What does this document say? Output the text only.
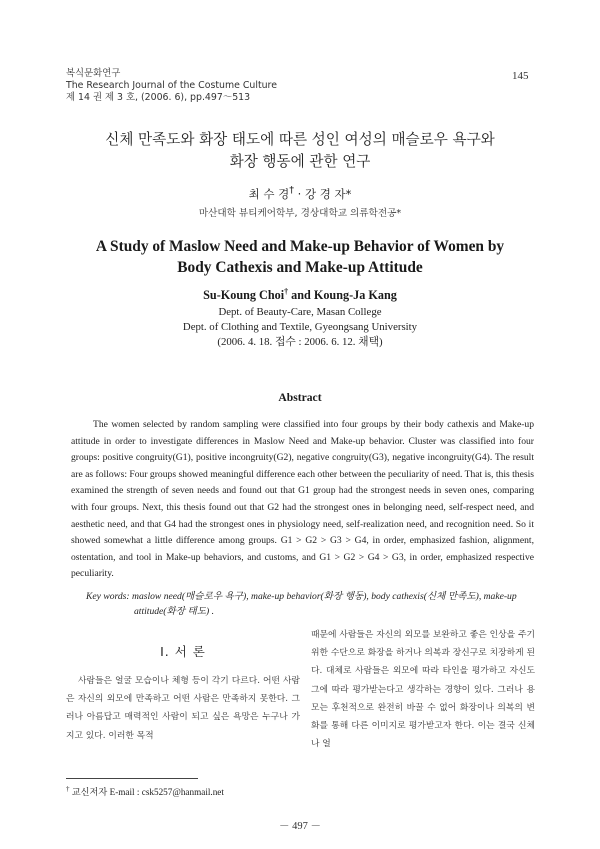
복식문화연구
The Research Journal of the Costume Culture
제 14 권 제 3 호, (2006. 6), pp.497～513
145
신체 만족도와 화장 태도에 따른 성인 여성의 매슬로우 욕구와
화장 행동에 관한 연구
최 수 경† · 강 경 자*
마산대학 뷰티케어학부, 경상대학교 의류학전공*
A Study of Maslow Need and Make-up Behavior of Women by
Body Cathexis and Make-up Attitude
Su-Koung Choi† and Koung-Ja Kang
Dept. of Beauty-Care, Masan College
Dept. of Clothing and Textile, Gyeongsang University
(2006. 4. 18. 접수 : 2006. 6. 12. 채택)
Abstract

The women selected by random sampling were classified into four groups by their body cathexis and Make-up attitude in order to investigate differences in Maslow Need and Make-up behavior. Cluster was classified into four groups: positive congruity(G1), positive incongruity(G2), negative congruity(G3), negative incongruity(G4). The result are as follows: Four groups showed meaningful difference each other between the peculiarity of need. That is, this thesis examined the strength of seven needs and found out that G1 group had the strongest needs in seven ones, comparing with four groups. Next, this thesis found out that G2 had the strongest ones in belonging need, self-respect need, and aesthetic need, and that G4 had the strongest ones in physiology need, self-realization need, and recognition need. So it showed somewhat a little difference among groups. G1 > G2 > G3 > G4, in order, emphasized fashion, alignment, ostentation, and tool in Make-up behaviors, and customs, and G1 > G2 > G4 > G3, in order, emphasized respective peculiarity.

Key words: maslow need(매슬로우 욕구), make-up behavior(화장 행동), body cathexis(신체 만족도), make-up
attitude(화장 태도) .
Ⅰ. 서 론

사람들은 얼굴 모습이나 체형 등이 각기 다르다. 어떤 사람은 자신의 외모에 만족하고 어떤 사람은 만족하지 못한다. 그러나 아름답고 매력적인 사람이 되고 싶은 욕망은 누구나 가지고 있다. 이러한 목적

때문에 사람들은 자신의 외모를 보완하고 좋은 인상을 주기 위한 수단으로 화장을 하거나 의복과 장신구로 치장하게 된다. 대체로 사람들은 외모에 따라 타인을 평가하고 자신도 그에 따라 평가받는다고 생각하는 경향이 있다. 그러나 용모는 후천적으로 완전히 바꿀 수 없어 화장이나 의복의 변화를 통해 다른 이미지로 평가받고자 한다. 이는 결국 신체나 얼

† 교신저자 E-mail : csk5257@hanmail.net
－ 497 －
